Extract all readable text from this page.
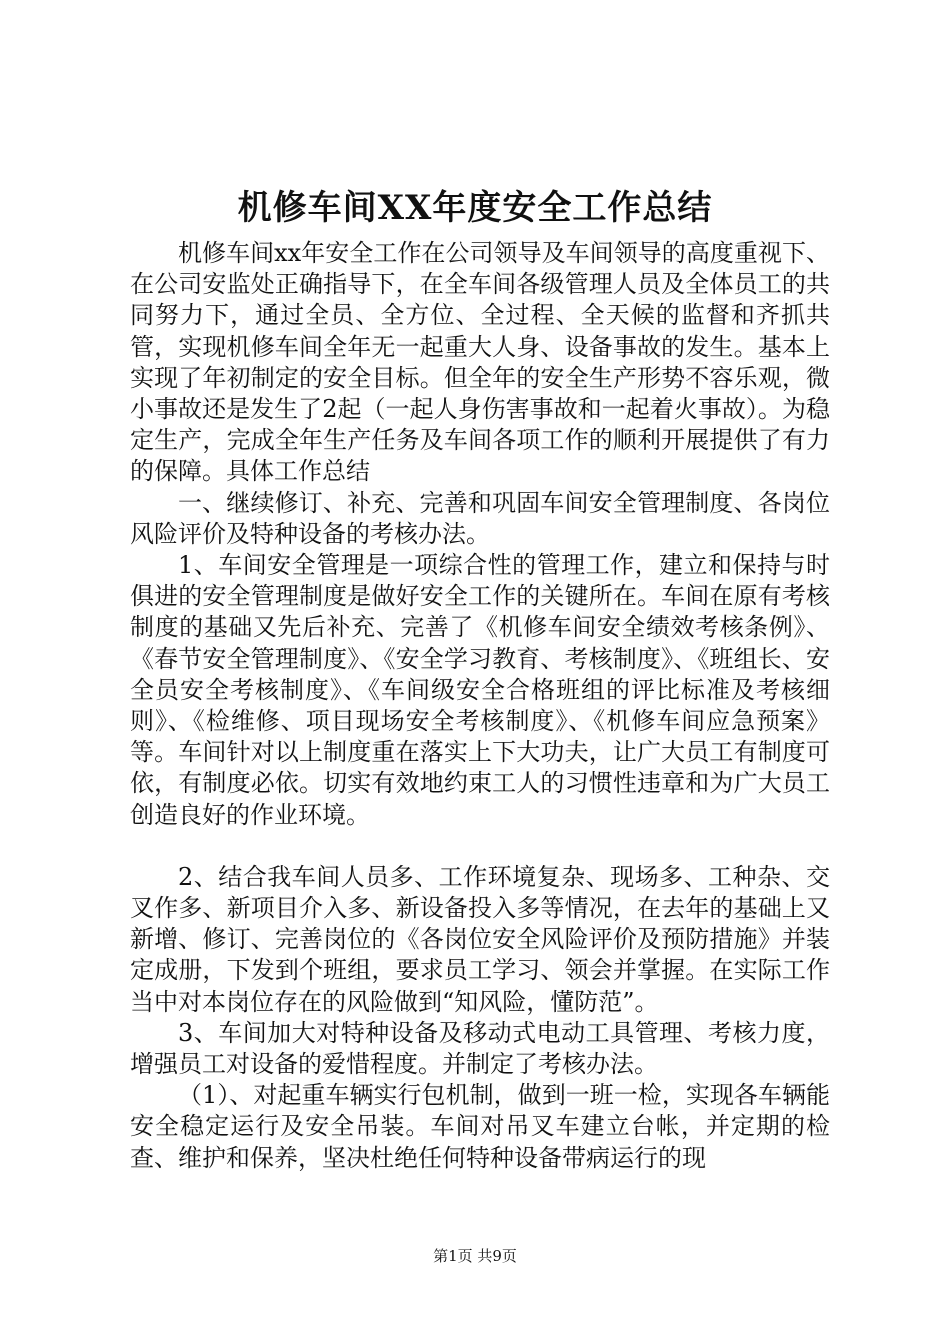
机修车间XX年度安全工作总结

机修车间xx年安全工作在公司领导及车间领导的高度重视下、在公司安监处正确指导下，在全车间各级管理人员及全体员工的共同努力下，通过全员、全方位、全过程、全天候的监督和齐抓共管，实现机修车间全年无一起重大人身、设备事故的发生。基本上实现了年初制定的安全目标。但全年的安全生产形势不容乐观，微小事故还是发生了2起（一起人身伤害事故和一起着火事故）。为稳定生产，完成全年生产任务及车间各项工作的顺利开展提供了有力的保障。具体工作总结

一、继续修订、补充、完善和巩固车间安全管理制度、各岗位风险评价及特种设备的考核办法。

1、车间安全管理是一项综合性的管理工作，建立和保持与时俱进的安全管理制度是做好安全工作的关键所在。车间在原有考核制度的基础又先后补充、完善了《机修车间安全绩效考核条例》、《春节安全管理制度》、《安全学习教育、考核制度》、《班组长、安全员安全考核制度》、《车间级安全合格班组的评比标准及考核细则》、《检维修、项目现场安全考核制度》、《机修车间应急预案》等。车间针对以上制度重在落实上下大功夫，让广大员工有制度可依，有制度必依。切实有效地约束工人的习惯性违章和为广大员工创造良好的作业环境。

2、结合我车间人员多、工作环境复杂、现场多、工种杂、交叉作多、新项目介入多、新设备投入多等情况，在去年的基础上又新增、修订、完善岗位的《各岗位安全风险评价及预防措施》并装定成册，下发到个班组，要求员工学习、领会并掌握。在实际工作当中对本岗位存在的风险做到“知风险，懂防范”。

3、车间加大对特种设备及移动式电动工具管理、考核力度，增强员工对设备的爱惜程度。并制定了考核办法。

（1）、对起重车辆实行包机制，做到一班一检，实现各车辆能安全稳定运行及安全吊装。车间对吊叉车建立台帐，并定期的检查、维护和保养，坚决杜绝任何特种设备带病运行的现

第1页 共9页
